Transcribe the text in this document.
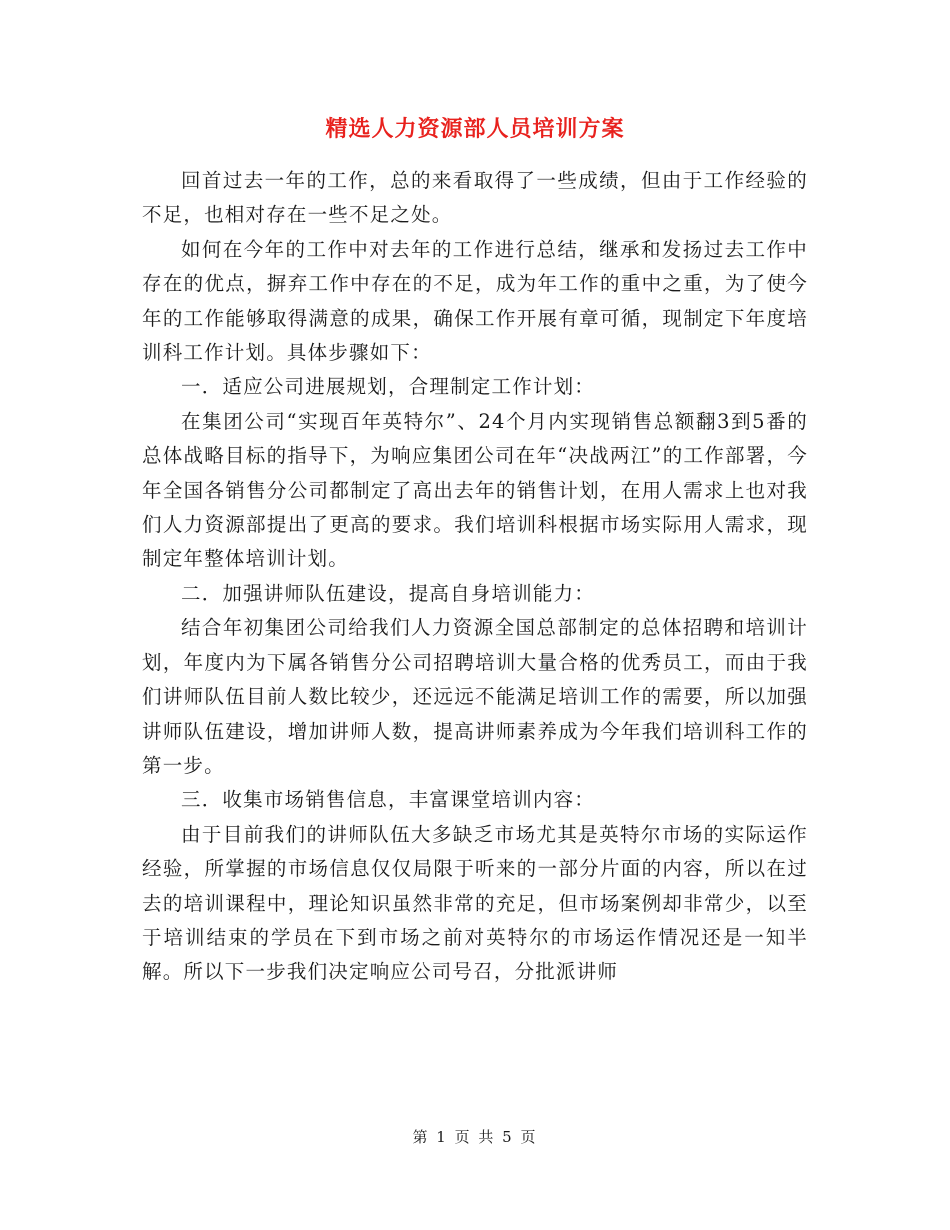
精选人力资源部人员培训方案

回首过去一年的工作，总的来看取得了一些成绩，但由于工作经验的不足，也相对存在一些不足之处。

如何在今年的工作中对去年的工作进行总结，继承和发扬过去工作中存在的优点，摒弃工作中存在的不足，成为年工作的重中之重，为了使今年的工作能够取得满意的成果，确保工作开展有章可循，现制定下年度培训科工作计划。具体步骤如下：

一．适应公司进展规划，合理制定工作计划：

在集团公司“实现百年英特尔”、24个月内实现销售总额翻3到5番的总体战略目标的指导下，为响应集团公司在年“决战两江”的工作部署，今年全国各销售分公司都制定了高出去年的销售计划，在用人需求上也对我们人力资源部提出了更高的要求。我们培训科根据市场实际用人需求，现制定年整体培训计划。

二．加强讲师队伍建设，提高自身培训能力：

结合年初集团公司给我们人力资源全国总部制定的总体招聘和培训计划，年度内为下属各销售分公司招聘培训大量合格的优秀员工，而由于我们讲师队伍目前人数比较少，还远远不能满足培训工作的需要，所以加强讲师队伍建设，增加讲师人数，提高讲师素养成为今年我们培训科工作的第一步。

三．收集市场销售信息，丰富课堂培训内容：

由于目前我们的讲师队伍大多缺乏市场尤其是英特尔市场的实际运作经验，所掌握的市场信息仅仅局限于听来的一部分片面的内容，所以在过去的培训课程中，理论知识虽然非常的充足，但市场案例却非常少，以至于培训结束的学员在下到市场之前对英特尔的市场运作情况还是一知半解。所以下一步我们决定响应公司号召，分批派讲师

第 1 页 共 5 页
